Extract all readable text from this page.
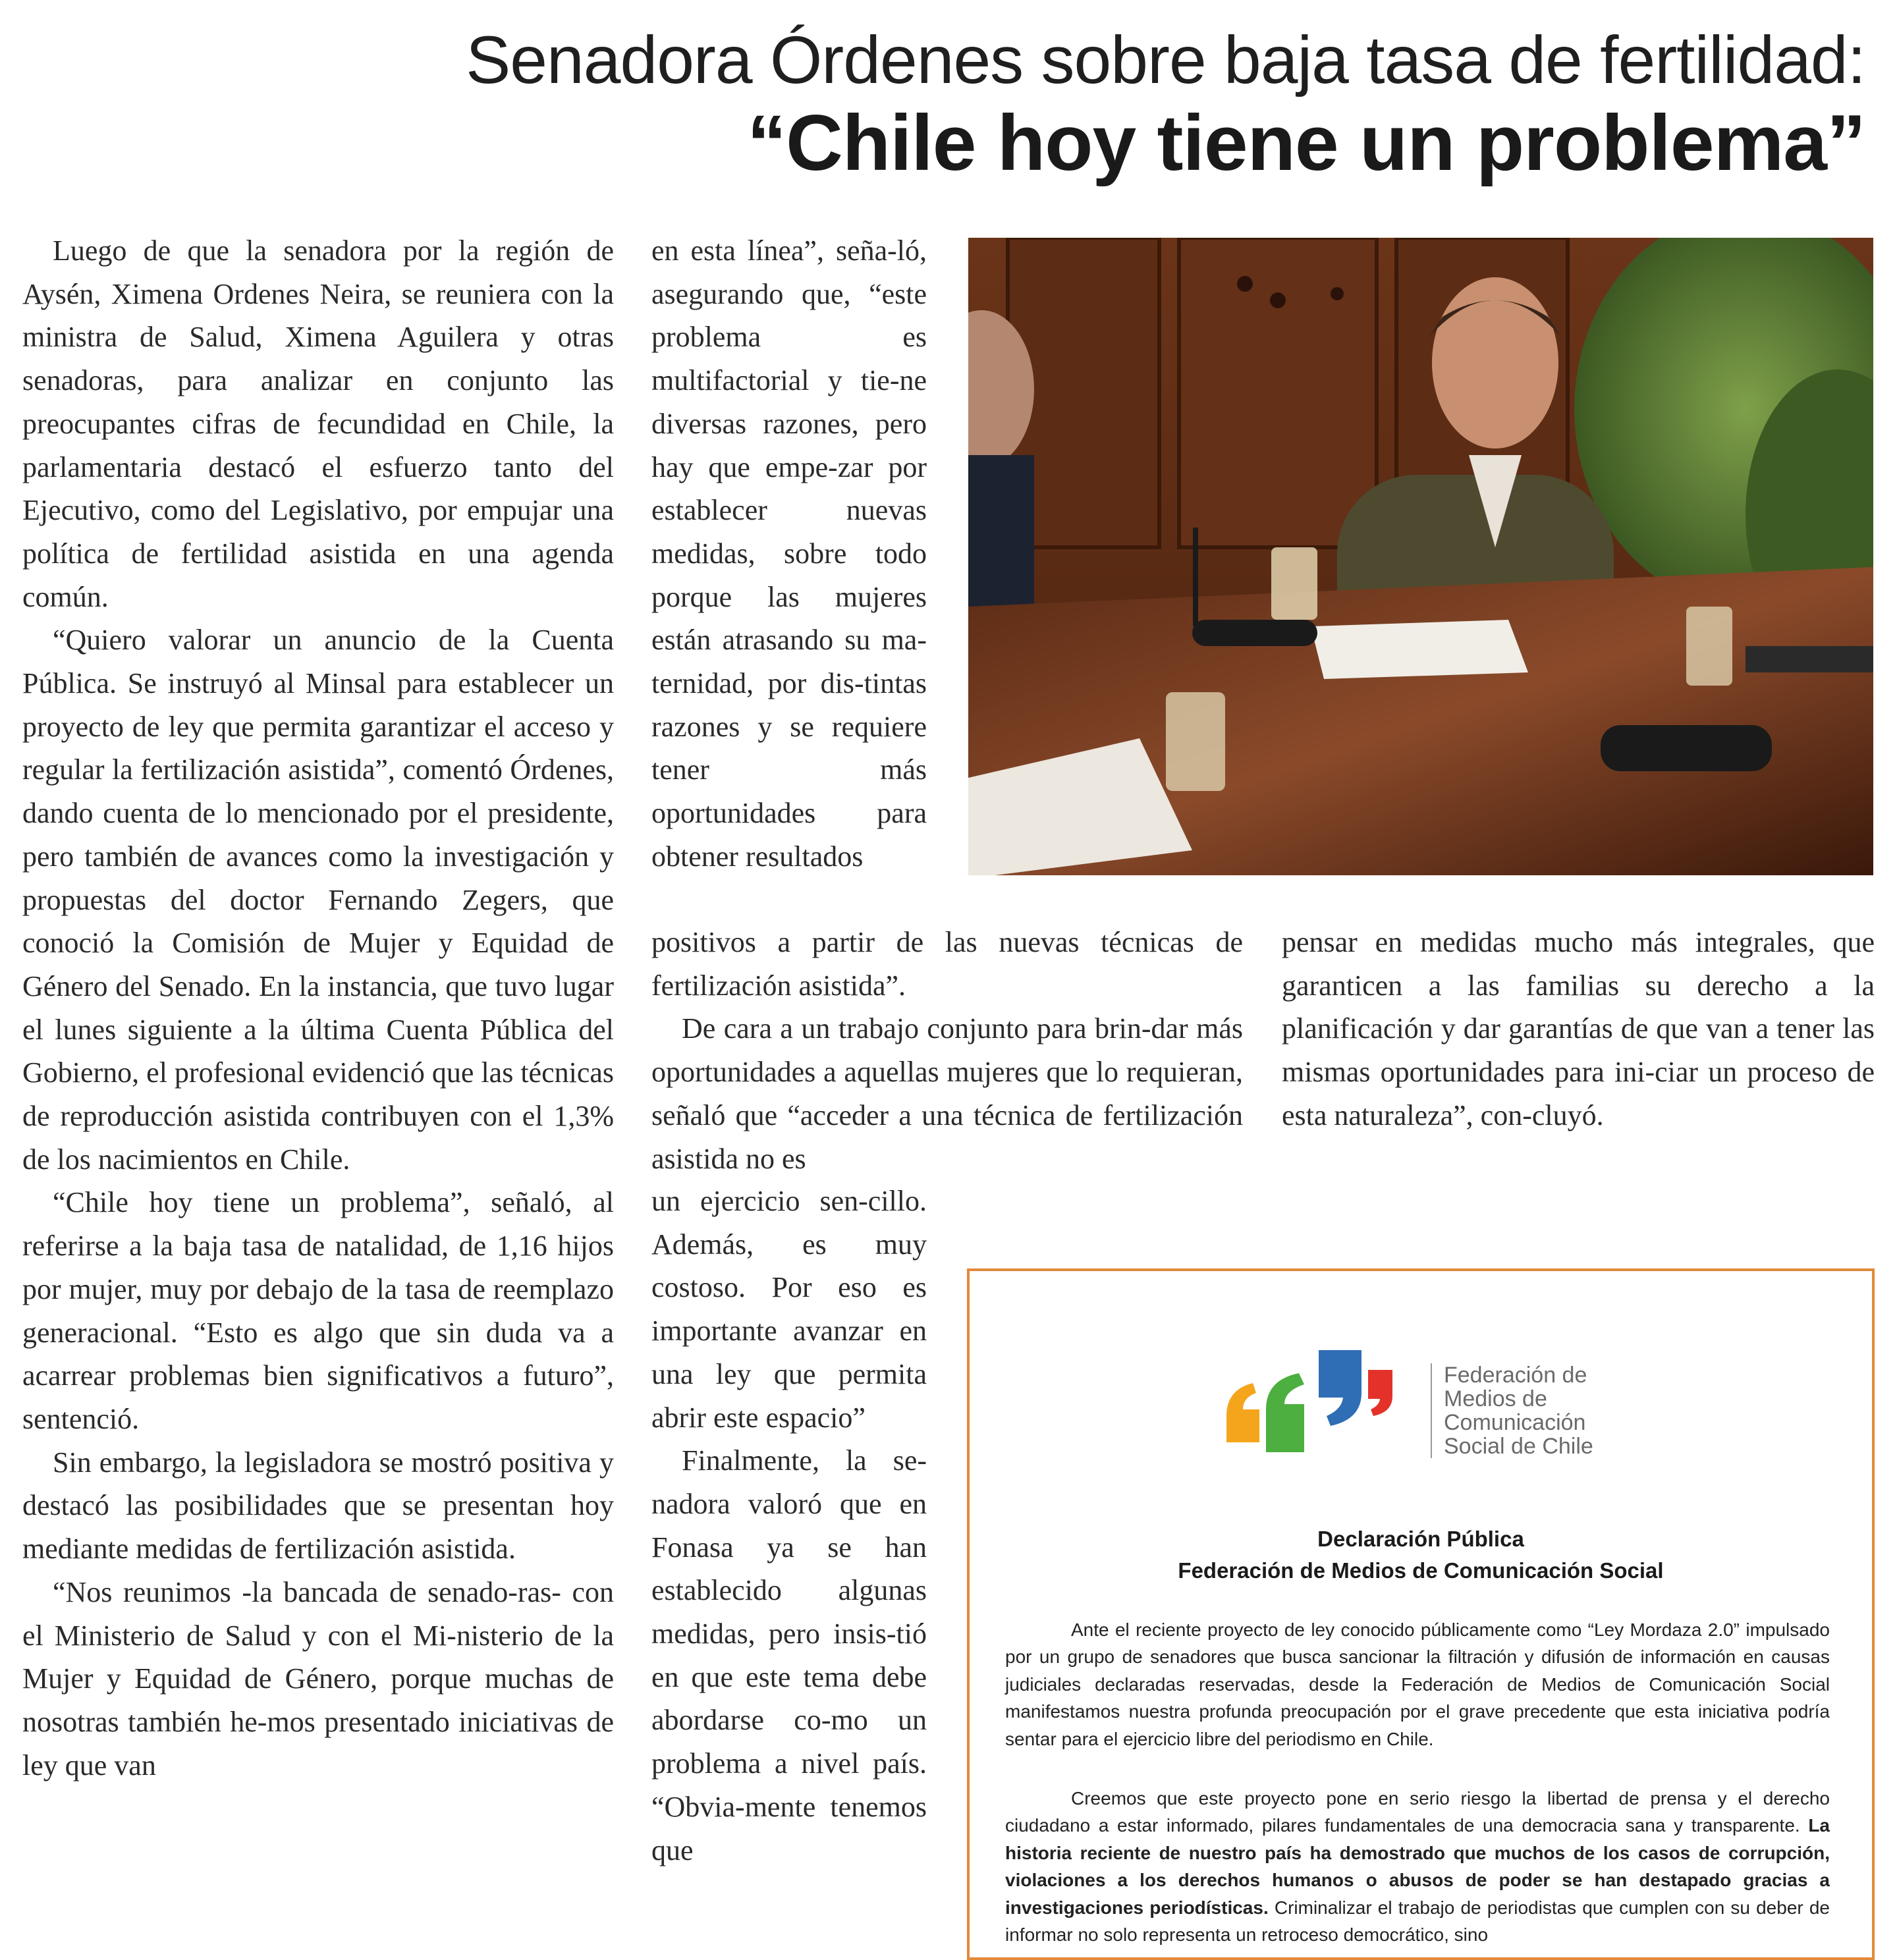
Senadora Órdenes sobre baja tasa de fertilidad:
“Chile hoy tiene un problema”

Luego de que la senadora por la región de Aysén, Ximena Ordenes Neira, se reuniera con la ministra de Salud, Ximena Aguilera y otras senadoras, para analizar en conjunto las preocupantes cifras de fecundidad en Chile, la parlamentaria destacó el esfuerzo tanto del Ejecutivo, como del Legislativo, por empujar una política de fertilidad asistida en una agenda común.

“Quiero valorar un anuncio de la Cuenta Pública. Se instruyó al Minsal para establecer un proyecto de ley que permita garantizar el acceso y regular la fertilización asistida”, comentó Órdenes, dando cuenta de lo mencionado por el presidente, pero también de avances como la investigación y propuestas del doctor Fernando Zegers, que conoció la Comisión de Mujer y Equidad de Género del Senado. En la instancia, que tuvo lugar el lunes siguiente a la última Cuenta Pública del Gobierno, el profesional evidenció que las técnicas de reproducción asistida contribuyen con el 1,3% de los nacimientos en Chile.

“Chile hoy tiene un problema”, señaló, al referirse a la baja tasa de natalidad, de 1,16 hijos por mujer, muy por debajo de la tasa de reemplazo generacional. “Esto es algo que sin duda va a acarrear problemas bien significativos a futuro”, sentenció.

Sin embargo, la legisladora se mostró positiva y destacó las posibilidades que se presentan hoy mediante medidas de fertilización asistida.

“Nos reunimos -la bancada de senado-ras- con el Ministerio de Salud y con el Mi-nisterio de la Mujer y Equidad de Género, porque muchas de nosotras también he-mos presentado iniciativas de ley que van

en esta línea”, seña-ló, asegurando que, “este problema es multifactorial y tie-ne diversas razones, pero hay que empe-zar por establecer nuevas medidas, sobre todo porque las mujeres están atrasando su ma-ternidad, por dis-tintas razones y se requiere tener más oportunidades para obtener resultados

positivos a partir de las nuevas técnicas de fertilización asistida”.

De cara a un trabajo conjunto para brin-dar más oportunidades a aquellas mujeres que lo requieran, señaló que “acceder a una técnica de fertilización asistida no es

un ejercicio sen-cillo. Además, es muy costoso. Por eso es importante avanzar en una ley que permita abrir este espacio”

Finalmente, la se-nadora valoró que en Fonasa ya se han establecido algunas medidas, pero insis-tió en que este tema debe abordarse co-mo un problema a nivel país. “Obvia-mente tenemos que

pensar en medidas mucho más integrales, que garanticen a las familias su derecho a la planificación y dar garantías de que van a tener las mismas oportunidades para ini-ciar un proceso de esta naturaleza”, con-cluyó.

Federación de
Medios de
Comunicación
Social de Chile
Declaración Pública
Federación de Medios de Comunicación Social

Ante el reciente proyecto de ley conocido públicamente como “Ley Mordaza 2.0” impulsado por un grupo de senadores que busca sancionar la filtración y difusión de información en causas judiciales declaradas reservadas, desde la Federación de Medios de Comunicación Social manifestamos nuestra profunda preocupación por el grave precedente que esta iniciativa podría sentar para el ejercicio libre del periodismo en Chile.

Creemos que este proyecto pone en serio riesgo la libertad de prensa y el derecho ciudadano a estar informado, pilares fundamentales de una democracia sana y transparente. La historia reciente de nuestro país ha demostrado que muchos de los casos de corrupción, violaciones a los derechos humanos o abusos de poder se han destapado gracias a investigaciones periodísticas. Criminalizar el trabajo de periodistas que cumplen con su deber de informar no solo representa un retroceso democrático, sino
